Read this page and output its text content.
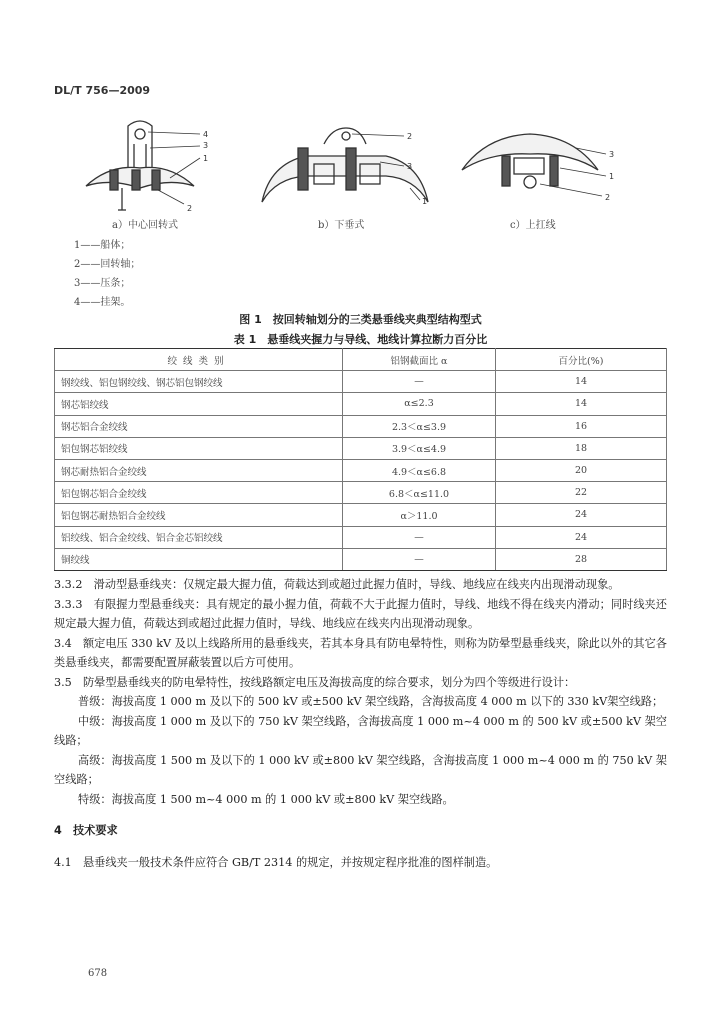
DL/T 756—2009
4
3
1
2
2
3
1
3
1
2
a）中心回转式	b）下垂式	c）上扛线
1——船体；
2——回转轴；
3——压条；
4——挂架。
图 1　按回转轴划分的三类悬垂线夹典型结构型式
表 1　悬垂线夹握力与导线、地线计算拉断力百分比
绞线类别	铝钢截面比 α	百分比(%)
钢绞线、铝包钢绞线、钢芯铝包钢绞线	—	14
钢芯铝绞线	α≤2.3	14
钢芯铝合金绞线	2.3＜α≤3.9	16
铝包钢芯铝绞线	3.9＜α≤4.9	18
钢芯耐热铝合金绞线	4.9＜α≤6.8	20
铝包钢芯铝合金绞线	6.8＜α≤11.0	22
铝包钢芯耐热铝合金绞线	α＞11.0	24
铝绞线、铝合金绞线、铝合金芯铝绞线	—	24
铜绞线	—	28

3.3.2　滑动型悬垂线夹：仅规定最大握力值，荷载达到或超过此握力值时，导线、地线应在线夹内出现滑动现象。

3.3.3　有限握力型悬垂线夹：具有规定的最小握力值，荷载不大于此握力值时，导线、地线不得在线夹内滑动；同时线夹还规定最大握力值，荷载达到或超过此握力值时，导线、地线应在线夹内出现滑动现象。

3.4　额定电压 330 kV 及以上线路所用的悬垂线夹，若其本身具有防电晕特性，则称为防晕型悬垂线夹，除此以外的其它各类悬垂线夹，都需要配置屏蔽装置以后方可使用。

3.5　防晕型悬垂线夹的防电晕特性，按线路额定电压及海拔高度的综合要求，划分为四个等级进行设计：

普级：海拔高度 1 000 m 及以下的 500 kV 或±500 kV 架空线路，含海拔高度 4 000 m 以下的 330 kV架空线路；

中级：海拔高度 1 000 m 及以下的 750 kV 架空线路，含海拔高度 1 000 m~4 000 m 的 500 kV 或±500 kV 架空线路；

高级：海拔高度 1 500 m 及以下的 1 000 kV 或±800 kV 架空线路，含海拔高度 1 000 m~4 000 m 的 750 kV 架空线路；

特级：海拔高度 1 500 m~4 000 m 的 1 000 kV 或±800 kV 架空线路。

4　技术要求

4.1　悬垂线夹一般技术条件应符合 GB/T 2314 的规定，并按规定程序批准的图样制造。

678
